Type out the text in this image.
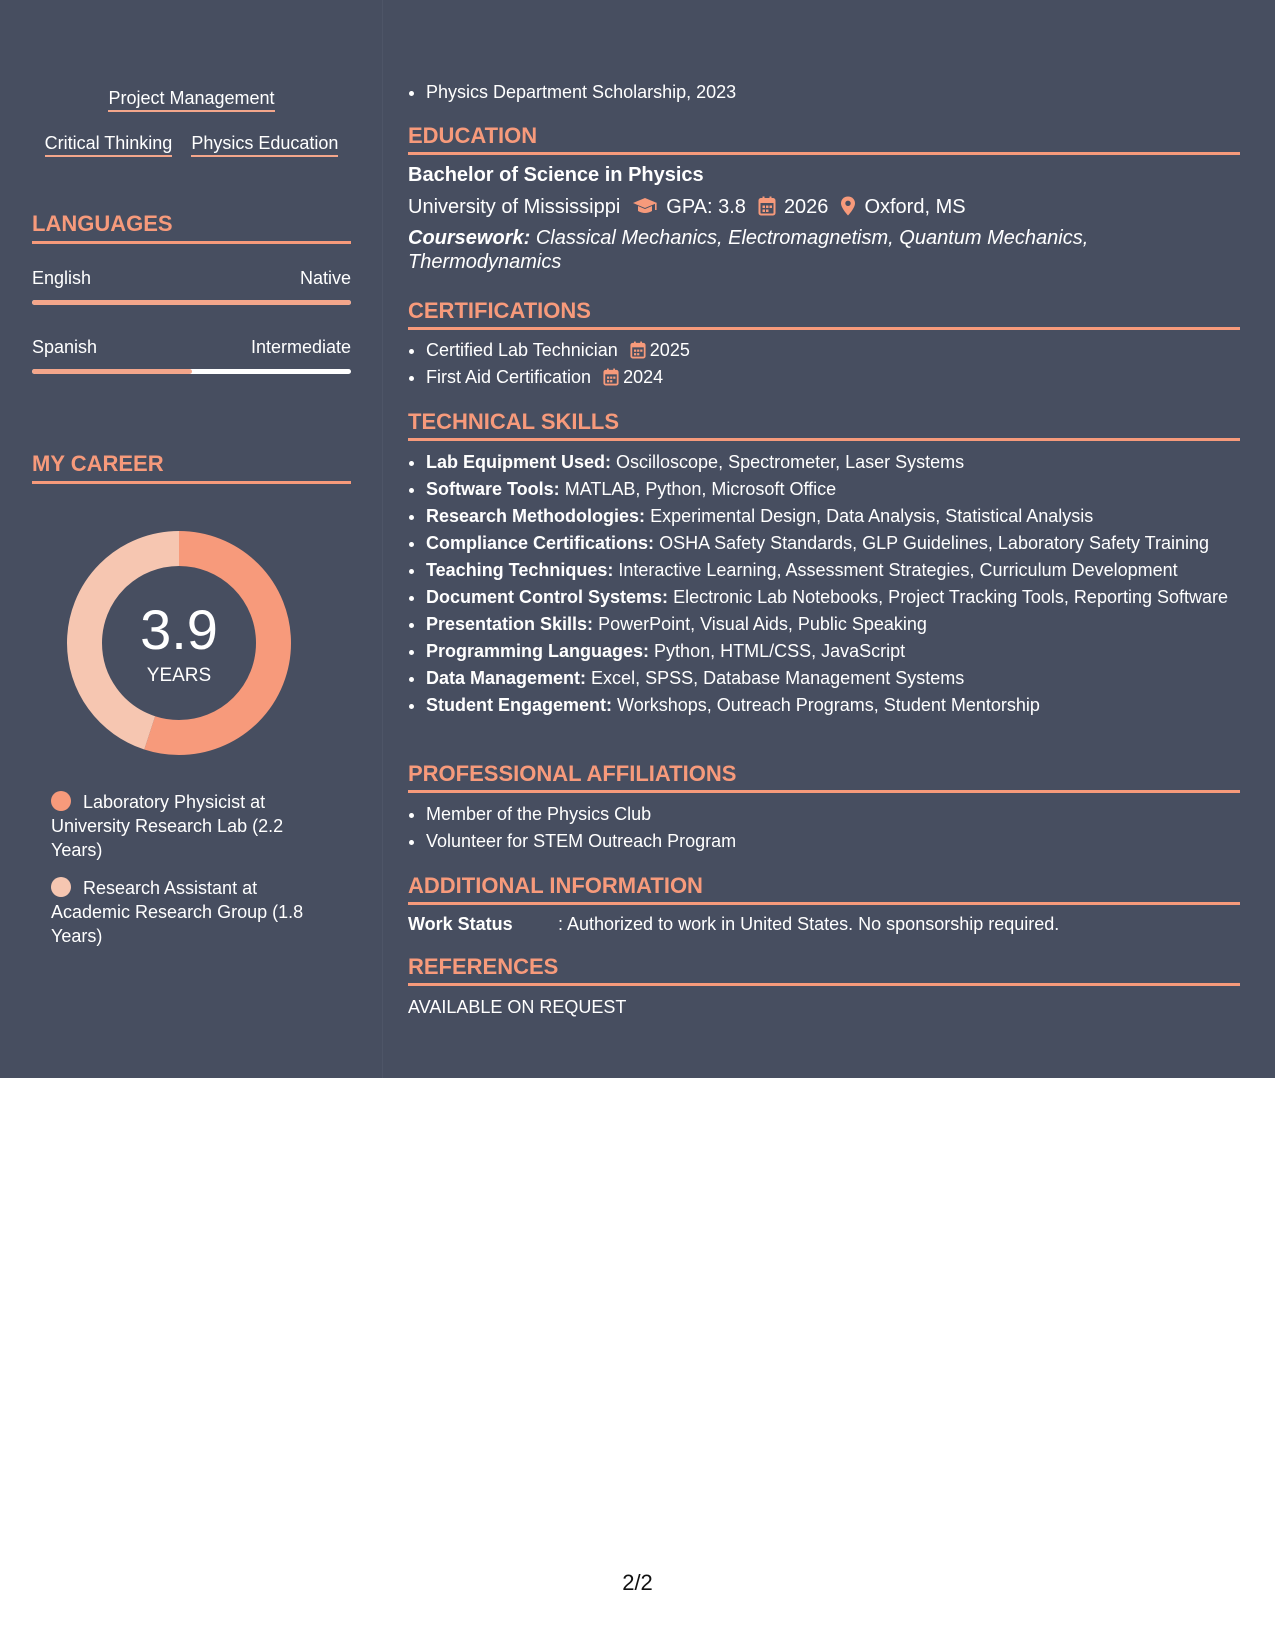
Project Management
Critical Thinking Physics Education
LANGUAGES
English	Native
Spanish	Intermediate
MY CAREER
3.9
YEARS
Laboratory Physicist at University Research Lab (2.2 Years)
Research Assistant at Academic Research Group (1.8 Years)
• Physics Department Scholarship, 2023
EDUCATION
Bachelor of Science in Physics
University of Mississippi GPA: 3.8 2026 Oxford, MS
Coursework: Classical Mechanics, Electromagnetism, Quantum Mechanics, Thermodynamics
CERTIFICATIONS
• Certified Lab Technician 2025
• First Aid Certification 2024
TECHNICAL SKILLS
• Lab Equipment Used: Oscilloscope, Spectrometer, Laser Systems
• Software Tools: MATLAB, Python, Microsoft Office
• Research Methodologies: Experimental Design, Data Analysis, Statistical Analysis
• Compliance Certifications: OSHA Safety Standards, GLP Guidelines, Laboratory Safety Training
• Teaching Techniques: Interactive Learning, Assessment Strategies, Curriculum Development
• Document Control Systems: Electronic Lab Notebooks, Project Tracking Tools, Reporting Software
• Presentation Skills: PowerPoint, Visual Aids, Public Speaking
• Programming Languages: Python, HTML/CSS, JavaScript
• Data Management: Excel, SPSS, Database Management Systems
• Student Engagement: Workshops, Outreach Programs, Student Mentorship
PROFESSIONAL AFFILIATIONS
• Member of the Physics Club
• Volunteer for STEM Outreach Program
ADDITIONAL INFORMATION
Work Status	: Authorized to work in United States. No sponsorship required.
REFERENCES
AVAILABLE ON REQUEST
2/2
